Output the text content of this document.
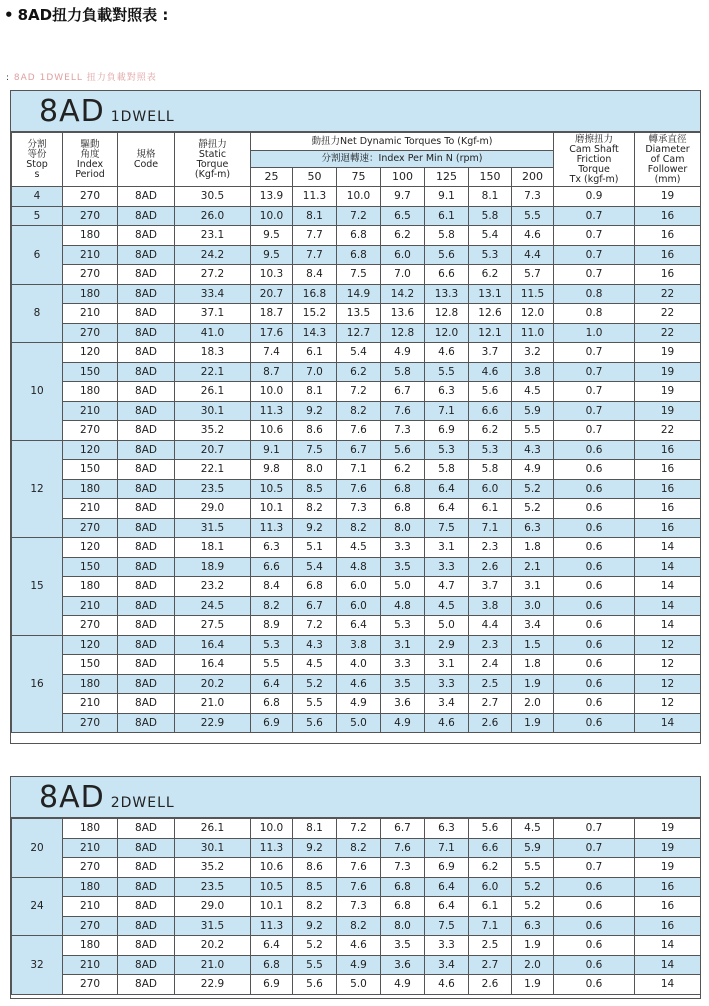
• 8AD扭力負載對照表 :
: 8AD 1DWELL 扭力負載對照表
8AD 1DWELL
分割
等份
Stop
s	驅動
角度
Index
Period	規格
Code	靜扭力
Static
Torque
(Kgf-m)	動扭力Net Dynamic Torques To (Kgf-m)							磨擦扭力
Cam Shaft
Friction
Torque
Tx (kgf-m)	轉承直徑
Diameter
of Cam
Follower
(mm)
				分割迴轉速：Index Per Min N (rpm)								
				25	50	75	100	125	150	200		
4	270	8AD	30.5	13.9	11.3	10.0	9.7	9.1	8.1	7.3	0.9	19
5	270	8AD	26.0	10.0	8.1	7.2	6.5	6.1	5.8	5.5	0.7	16
6	180	8AD	23.1	9.5	7.7	6.8	6.2	5.8	5.4	4.6	0.7	16
	210	8AD	24.2	9.5	7.7	6.8	6.0	5.6	5.3	4.4	0.7	16
	270	8AD	27.2	10.3	8.4	7.5	7.0	6.6	6.2	5.7	0.7	16
8	180	8AD	33.4	20.7	16.8	14.9	14.2	13.3	13.1	11.5	0.8	22
	210	8AD	37.1	18.7	15.2	13.5	13.6	12.8	12.6	12.0	0.8	22
	270	8AD	41.0	17.6	14.3	12.7	12.8	12.0	12.1	11.0	1.0	22
10	120	8AD	18.3	7.4	6.1	5.4	4.9	4.6	3.7	3.2	0.7	19
	150	8AD	22.1	8.7	7.0	6.2	5.8	5.5	4.6	3.8	0.7	19
	180	8AD	26.1	10.0	8.1	7.2	6.7	6.3	5.6	4.5	0.7	19
	210	8AD	30.1	11.3	9.2	8.2	7.6	7.1	6.6	5.9	0.7	19
	270	8AD	35.2	10.6	8.6	7.6	7.3	6.9	6.2	5.5	0.7	22
12	120	8AD	20.7	9.1	7.5	6.7	5.6	5.3	5.3	4.3	0.6	16
	150	8AD	22.1	9.8	8.0	7.1	6.2	5.8	5.8	4.9	0.6	16
	180	8AD	23.5	10.5	8.5	7.6	6.8	6.4	6.0	5.2	0.6	16
	210	8AD	29.0	10.1	8.2	7.3	6.8	6.4	6.1	5.2	0.6	16
	270	8AD	31.5	11.3	9.2	8.2	8.0	7.5	7.1	6.3	0.6	16
15	120	8AD	18.1	6.3	5.1	4.5	3.3	3.1	2.3	1.8	0.6	14
	150	8AD	18.9	6.6	5.4	4.8	3.5	3.3	2.6	2.1	0.6	14
	180	8AD	23.2	8.4	6.8	6.0	5.0	4.7	3.7	3.1	0.6	14
	210	8AD	24.5	8.2	6.7	6.0	4.8	4.5	3.8	3.0	0.6	14
	270	8AD	27.5	8.9	7.2	6.4	5.3	5.0	4.4	3.4	0.6	14
16	120	8AD	16.4	5.3	4.3	3.8	3.1	2.9	2.3	1.5	0.6	12
	150	8AD	16.4	5.5	4.5	4.0	3.3	3.1	2.4	1.8	0.6	12
	180	8AD	20.2	6.4	5.2	4.6	3.5	3.3	2.5	1.9	0.6	12
	210	8AD	21.0	6.8	5.5	4.9	3.6	3.4	2.7	2.0	0.6	12
	270	8AD	22.9	6.9	5.6	5.0	4.9	4.6	2.6	1.9	0.6	14
8AD 2DWELL
20	180	8AD	26.1	10.0	8.1	7.2	6.7	6.3	5.6	4.5	0.7	19
	210	8AD	30.1	11.3	9.2	8.2	7.6	7.1	6.6	5.9	0.7	19
	270	8AD	35.2	10.6	8.6	7.6	7.3	6.9	6.2	5.5	0.7	19
24	180	8AD	23.5	10.5	8.5	7.6	6.8	6.4	6.0	5.2	0.6	16
	210	8AD	29.0	10.1	8.2	7.3	6.8	6.4	6.1	5.2	0.6	16
	270	8AD	31.5	11.3	9.2	8.2	8.0	7.5	7.1	6.3	0.6	16
32	180	8AD	20.2	6.4	5.2	4.6	3.5	3.3	2.5	1.9	0.6	14
	210	8AD	21.0	6.8	5.5	4.9	3.6	3.4	2.7	2.0	0.6	14
	270	8AD	22.9	6.9	5.6	5.0	4.9	4.6	2.6	1.9	0.6	14
